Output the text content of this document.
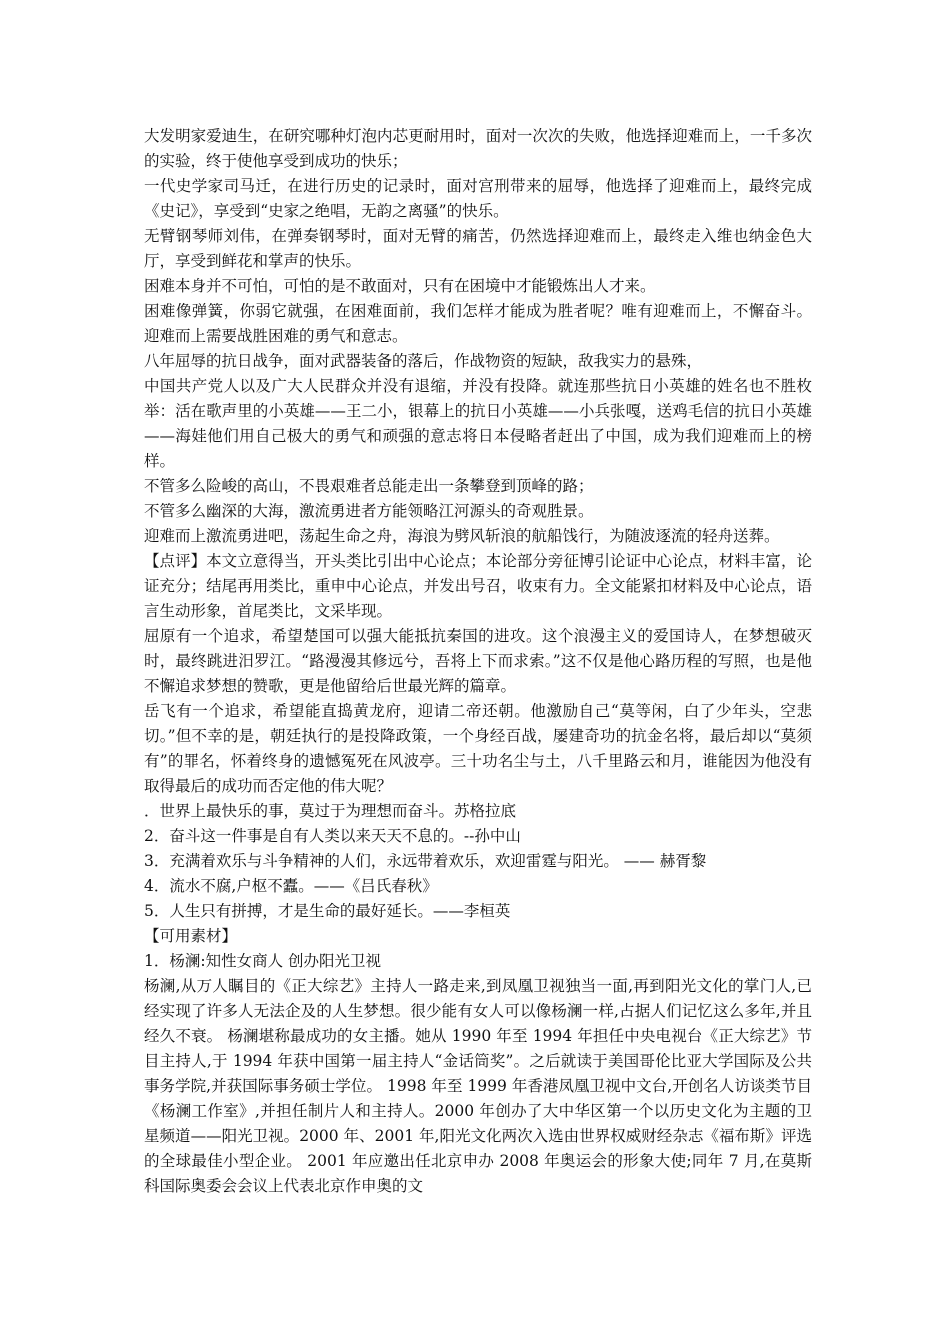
大发明家爱迪生，在研究哪种灯泡内芯更耐用时，面对一次次的失败，他选择迎难而上，一千多次的实验，终于使他享受到成功的快乐；

一代史学家司马迁，在进行历史的记录时，面对宫刑带来的屈辱，他选择了迎难而上，最终完成《史记》，享受到“史家之绝唱，无韵之离骚”的快乐。

无臂钢琴师刘伟，在弹奏钢琴时，面对无臂的痛苦，仍然选择迎难而上，最终走入维也纳金色大厅，享受到鲜花和掌声的快乐。

困难本身并不可怕，可怕的是不敢面对，只有在困境中才能锻炼出人才来。

困难像弹簧，你弱它就强，在困难面前，我们怎样才能成为胜者呢？唯有迎难而上，不懈奋斗。 迎难而上需要战胜困难的勇气和意志。

八年屈辱的抗日战争，面对武器装备的落后，作战物资的短缺，敌我实力的悬殊，

中国共产党人以及广大人民群众并没有退缩，并没有投降。就连那些抗日小英雄的姓名也不胜枚举：活在歌声里的小英雄——王二小，银幕上的抗日小英雄——小兵张嘎，送鸡毛信的抗日小英雄——海娃他们用自己极大的勇气和顽强的意志将日本侵略者赶出了中国，成为我们迎难而上的榜样。

不管多么险峻的高山，不畏艰难者总能走出一条攀登到顶峰的路；

不管多么幽深的大海，激流勇进者方能领略江河源头的奇观胜景。

迎难而上激流勇进吧，荡起生命之舟，海浪为劈风斩浪的航船饯行，为随波逐流的轻舟送葬。

【点评】本文立意得当，开头类比引出中心论点；本论部分旁征博引论证中心论点，材料丰富，论证充分；结尾再用类比，重申中心论点，并发出号召，收束有力。全文能紧扣材料及中心论点，语言生动形象，首尾类比，文采毕现。

屈原有一个追求，希望楚国可以强大能抵抗秦国的进攻。这个浪漫主义的爱国诗人，在梦想破灭时，最终跳进汨罗江。“路漫漫其修远兮，吾将上下而求索。”这不仅是他心路历程的写照，也是他不懈追求梦想的赞歌，更是他留给后世最光辉的篇章。

岳飞有一个追求，希望能直捣黄龙府，迎请二帝还朝。他激励自己“莫等闲，白了少年头，空悲切。”但不幸的是，朝廷执行的是投降政策，一个身经百战，屡建奇功的抗金名将，最后却以“莫须有”的罪名，怀着终身的遗憾冤死在风波亭。三十功名尘与土，八千里路云和月，谁能因为他没有取得最后的成功而否定他的伟大呢？

．世界上最快乐的事，莫过于为理想而奋斗。苏格拉底

2．奋斗这一件事是自有人类以来天天不息的。--孙中山

3．充满着欢乐与斗争精神的人们，永远带着欢乐，欢迎雷霆与阳光。 —— 赫胥黎

4．流水不腐,户枢不蠹。——《吕氏春秋》

5．人生只有拼搏，才是生命的最好延长。——李桓英

【可用素材】

1．杨澜:知性女商人 创办阳光卫视

杨澜,从万人瞩目的《正大综艺》主持人一路走来,到凤凰卫视独当一面,再到阳光文化的掌门人,已经实现了许多人无法企及的人生梦想。很少能有女人可以像杨澜一样,占据人们记忆这么多年,并且经久不衰。 杨澜堪称最成功的女主播。她从 1990 年至 1994 年担任中央电视台《正大综艺》节目主持人,于 1994 年获中国第一届主持人“金话筒奖”。之后就读于美国哥伦比亚大学国际及公共事务学院,并获国际事务硕士学位。 1998 年至 1999 年香港凤凰卫视中文台,开创名人访谈类节目《杨澜工作室》,并担任制片人和主持人。2000 年创办了大中华区第一个以历史文化为主题的卫星频道——阳光卫视。2000 年、2001 年,阳光文化两次入选由世界权威财经杂志《福布斯》评选的全球最佳小型企业。 2001 年应邀出任北京申办 2008 年奥运会的形象大使;同年 7 月,在莫斯科国际奥委会会议上代表北京作申奥的文
